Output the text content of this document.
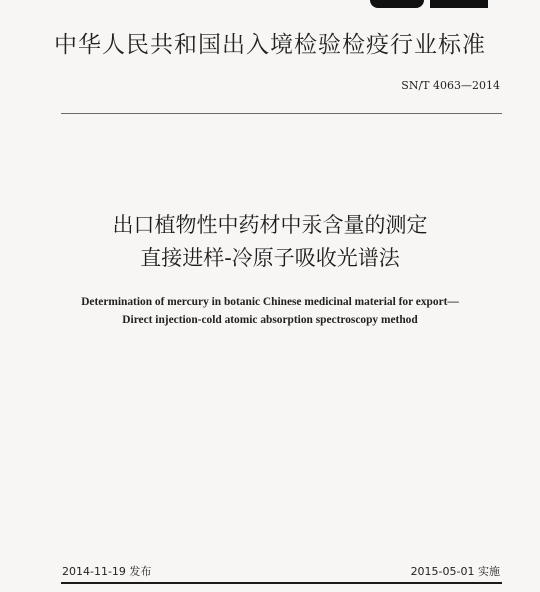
中华人民共和国出入境检验检疫行业标准
SN/T 4063—2014
出口植物性中药材中汞含量的测定
直接进样-冷原子吸收光谱法
Determination of mercury in botanic Chinese medicinal material for export—
Direct injection-cold atomic absorption spectroscopy method
2014-11-19 发布	2015-05-01 实施
